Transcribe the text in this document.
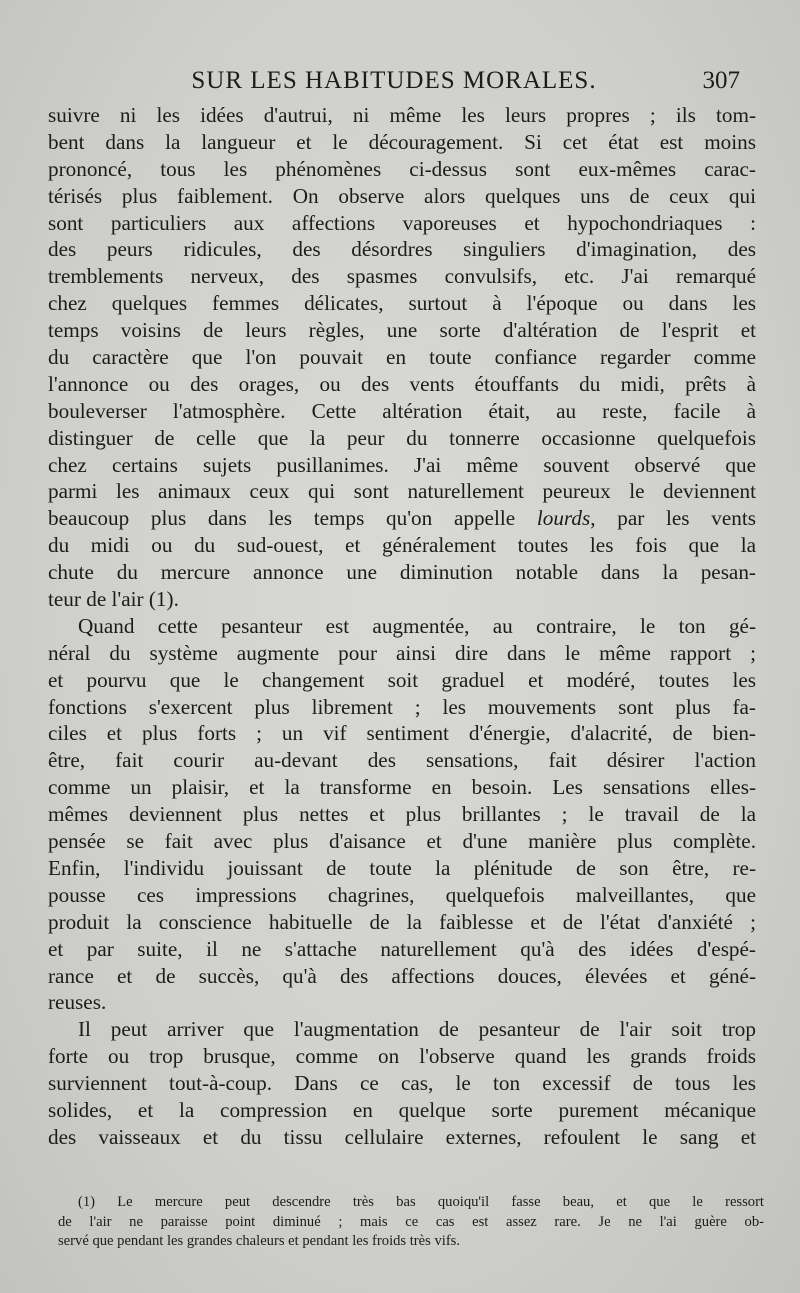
SUR LES HABITUDES MORALES.	307
suivre ni les idées d'autrui, ni même les leurs propres ; ils tom-
bent dans la langueur et le découragement. Si cet état est moins
prononcé, tous les phénomènes ci-dessus sont eux-mêmes carac-
térisés plus faiblement. On observe alors quelques uns de ceux qui
sont particuliers aux affections vaporeuses et hypochondriaques :
des peurs ridicules, des désordres singuliers d'imagination, des
tremblements nerveux, des spasmes convulsifs, etc. J'ai remarqué
chez quelques femmes délicates, surtout à l'époque ou dans les
temps voisins de leurs règles, une sorte d'altération de l'esprit et
du caractère que l'on pouvait en toute confiance regarder comme
l'annonce ou des orages, ou des vents étouffants du midi, prêts à
bouleverser l'atmosphère. Cette altération était, au reste, facile à
distinguer de celle que la peur du tonnerre occasionne quelquefois
chez certains sujets pusillanimes. J'ai même souvent observé que
parmi les animaux ceux qui sont naturellement peureux le deviennent
beaucoup plus dans les temps qu'on appelle lourds, par les vents
du midi ou du sud-ouest, et généralement toutes les fois que la
chute du mercure annonce une diminution notable dans la pesan-
teur de l'air (1).
Quand cette pesanteur est augmentée, au contraire, le ton gé-
néral du système augmente pour ainsi dire dans le même rapport ;
et pourvu que le changement soit graduel et modéré, toutes les
fonctions s'exercent plus librement ; les mouvements sont plus fa-
ciles et plus forts ; un vif sentiment d'énergie, d'alacrité, de bien-
être, fait courir au-devant des sensations, fait désirer l'action
comme un plaisir, et la transforme en besoin. Les sensations elles-
mêmes deviennent plus nettes et plus brillantes ; le travail de la
pensée se fait avec plus d'aisance et d'une manière plus complète.
Enfin, l'individu jouissant de toute la plénitude de son être, re-
pousse ces impressions chagrines, quelquefois malveillantes, que
produit la conscience habituelle de la faiblesse et de l'état d'anxiété ;
et par suite, il ne s'attache naturellement qu'à des idées d'espé-
rance et de succès, qu'à des affections douces, élevées et géné-
reuses.
Il peut arriver que l'augmentation de pesanteur de l'air soit trop
forte ou trop brusque, comme on l'observe quand les grands froids
surviennent tout-à-coup. Dans ce cas, le ton excessif de tous les
solides, et la compression en quelque sorte purement mécanique
des vaisseaux et du tissu cellulaire externes, refoulent le sang et
(1) Le mercure peut descendre très bas quoiqu'il fasse beau, et que le ressort
de l'air ne paraisse point diminué ; mais ce cas est assez rare. Je ne l'ai guère ob-
servé que pendant les grandes chaleurs et pendant les froids très vifs.
